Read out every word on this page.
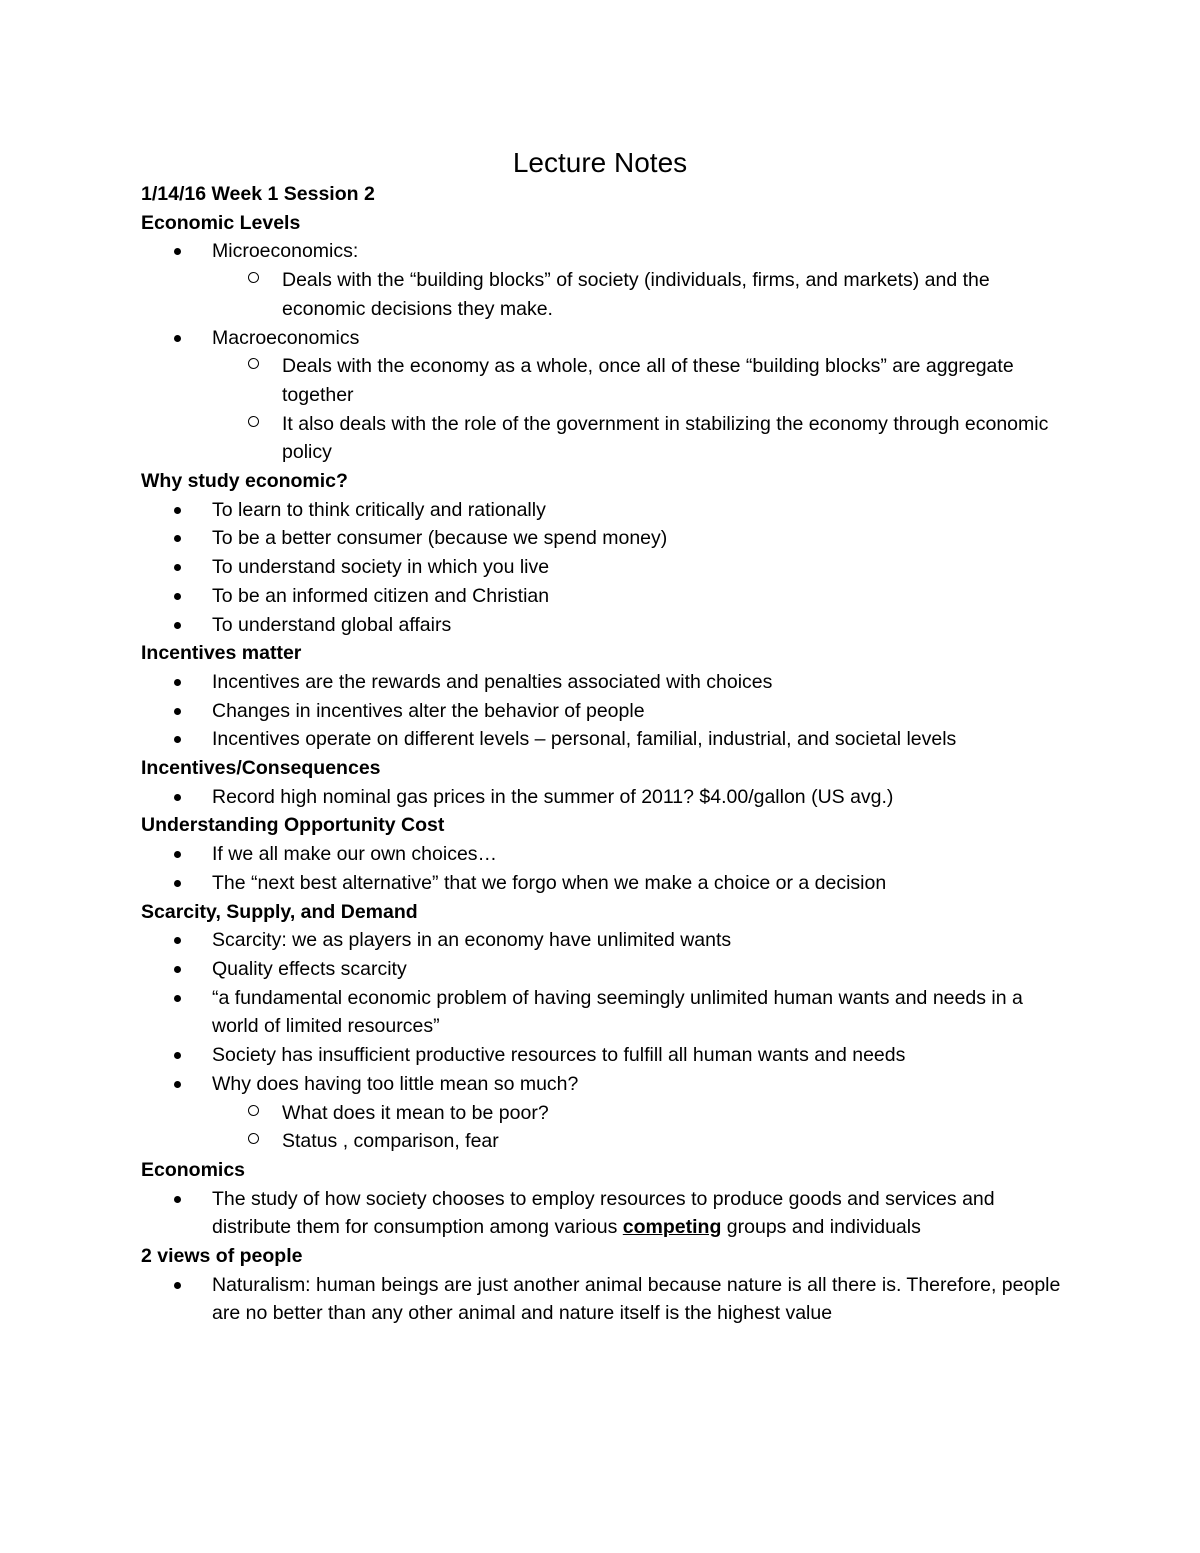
Lecture Notes

1/14/16 Week 1 Session 2

Economic Levels

Microeconomics:
Deals with the “building blocks” of society (individuals, firms, and markets) and the economic decisions they make.
Macroeconomics
Deals with the economy as a whole, once all of these “building blocks” are aggregate together
It also deals with the role of the government in stabilizing the economy through economic policy

Why study economic?

To learn to think critically and rationally
To be a better consumer (because we spend money)
To understand society in which you live
To be an informed citizen and Christian
To understand global affairs

Incentives matter

Incentives are the rewards and penalties associated with choices
Changes in incentives alter the behavior of people
Incentives operate on different levels – personal, familial, industrial, and societal levels

Incentives/Consequences

Record high nominal gas prices in the summer of 2011? $4.00/gallon (US avg.)

Understanding Opportunity Cost

If we all make our own choices…
The “next best alternative” that we forgo when we make a choice or a decision

Scarcity, Supply, and Demand

Scarcity: we as players in an economy have unlimited wants
Quality effects scarcity
“a fundamental economic problem of having seemingly unlimited human wants and needs in a world of limited resources”
Society has insufficient productive resources to fulfill all human wants and needs
Why does having too little mean so much?
What does it mean to be poor?
Status , comparison, fear

Economics

The study of how society chooses to employ resources to produce goods and services and distribute them for consumption among various competing groups and individuals

2 views of people

Naturalism: human beings are just another animal because nature is all there is. Therefore, people are no better than any other animal and nature itself is the highest value
